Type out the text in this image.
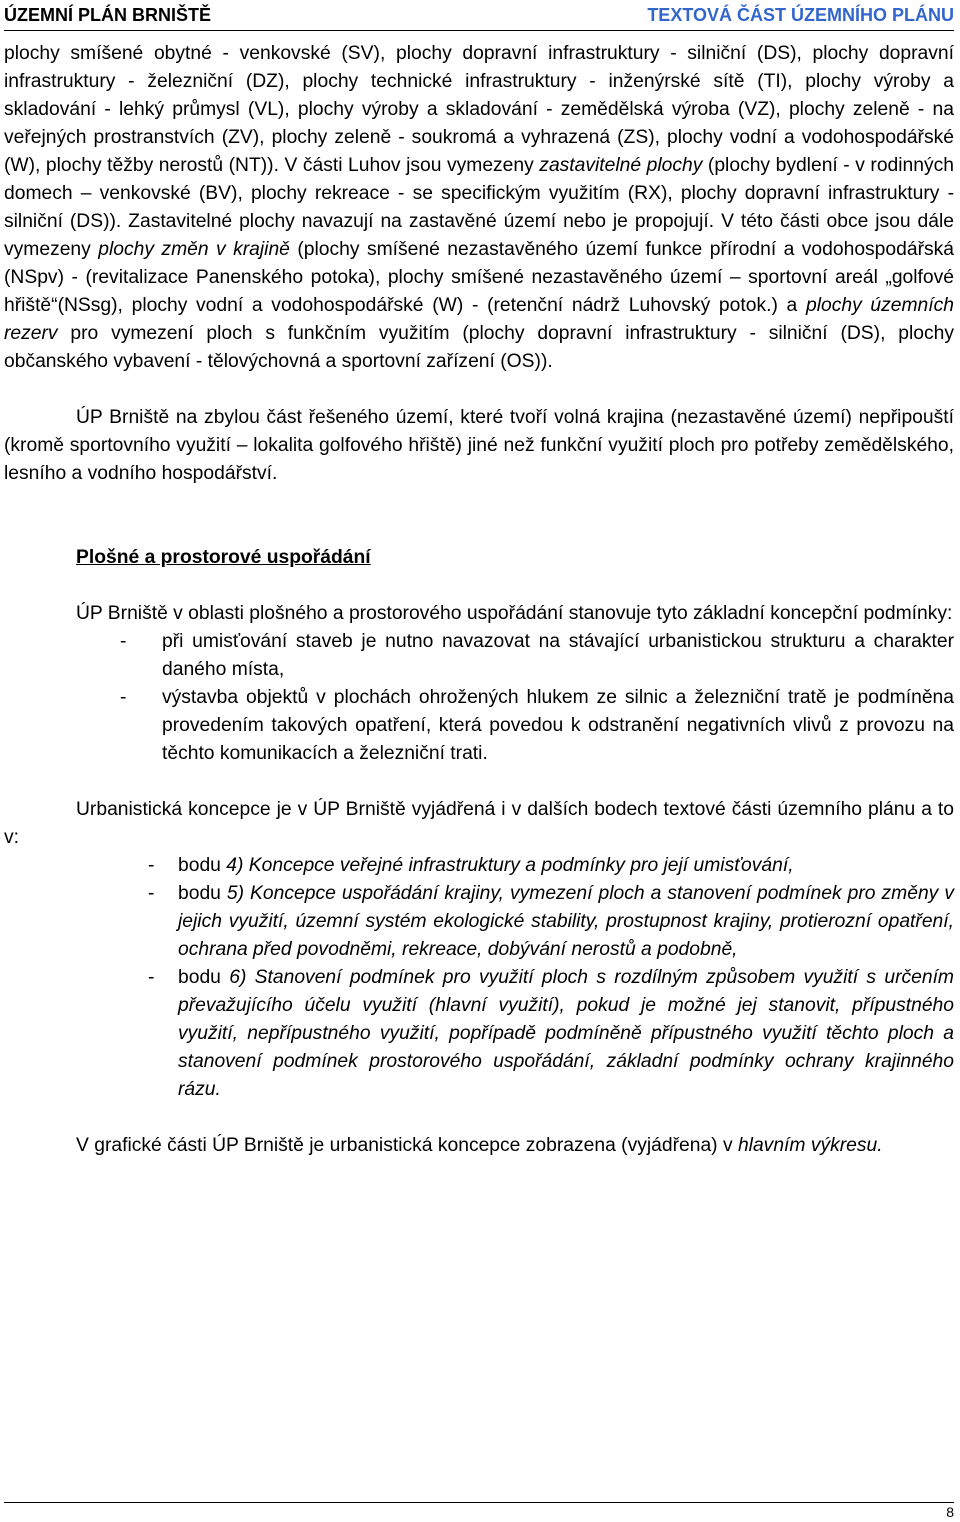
ÚZEMNÍ PLÁN BRNIŠTĚ	TEXTOVÁ ČÁST ÚZEMNÍHO PLÁNU

plochy smíšené obytné - venkovské (SV), plochy dopravní infrastruktury - silniční (DS), plochy dopravní infrastruktury - železniční (DZ), plochy technické infrastruktury - inženýrské sítě (TI), plochy výroby a skladování - lehký průmysl (VL), plochy výroby a skladování - zemědělská výroba (VZ), plochy zeleně - na veřejných prostranstvích (ZV), plochy zeleně - soukromá a vyhrazená (ZS), plochy vodní a vodohospodářské (W), plochy těžby nerostů (NT)). V části Luhov jsou vymezeny zastavitelné plochy (plochy bydlení - v rodinných domech – venkovské (BV), plochy rekreace - se specifickým využitím (RX), plochy dopravní infrastruktury - silniční (DS)). Zastavitelné plochy navazují na zastavěné území nebo je propojují. V této části obce jsou dále vymezeny plochy změn v krajině (plochy smíšené nezastavěného území funkce přírodní a vodohospodářská (NSpv) - (revitalizace Panenského potoka), plochy smíšené nezastavěného území – sportovní areál „golfové hřiště“(NSsg), plochy vodní a vodohospodářské (W) - (retenční nádrž Luhovský potok.) a plochy územních rezerv pro vymezení ploch s funkčním využitím (plochy dopravní infrastruktury - silniční (DS), plochy občanského vybavení - tělovýchovná a sportovní zařízení (OS)).

ÚP Brniště na zbylou část řešeného území, které tvoří volná krajina (nezastavěné území) nepřipouští (kromě sportovního využití – lokalita golfového hřiště) jiné než funkční využití ploch pro potřeby zemědělského, lesního a vodního hospodářství.

Plošné a prostorové uspořádání

ÚP Brniště v oblasti plošného a prostorového uspořádání stanovuje tyto základní koncepční podmínky:

- při umisťování staveb je nutno navazovat na stávající urbanistickou strukturu a charakter daného místa,
- výstavba objektů v plochách ohrožených hlukem ze silnic a železniční tratě je podmíněna provedením takových opatření, která povedou k odstranění negativních vlivů z provozu na těchto komunikacích a železniční trati.

Urbanistická koncepce je v ÚP Brniště vyjádřená i v dalších bodech textové části územního plánu a to v:

- bodu 4) Koncepce veřejné infrastruktury a podmínky pro její umisťování,
- bodu 5) Koncepce uspořádání krajiny, vymezení ploch a stanovení podmínek pro změny v jejich využití, územní systém ekologické stability, prostupnost krajiny, protierozní opatření, ochrana před povodněmi, rekreace, dobývání nerostů a podobně,
- bodu 6) Stanovení podmínek pro využití ploch s rozdílným způsobem využití s určením převažujícího účelu využití (hlavní využití), pokud je možné jej stanovit, přípustného využití, nepřípustného využití, popřípadě podmíněně přípustného využití těchto ploch a stanovení podmínek prostorového uspořádání, základní podmínky ochrany krajinného rázu.

V grafické části ÚP Brniště je urbanistická koncepce zobrazena (vyjádřena) v hlavním výkresu.

8
